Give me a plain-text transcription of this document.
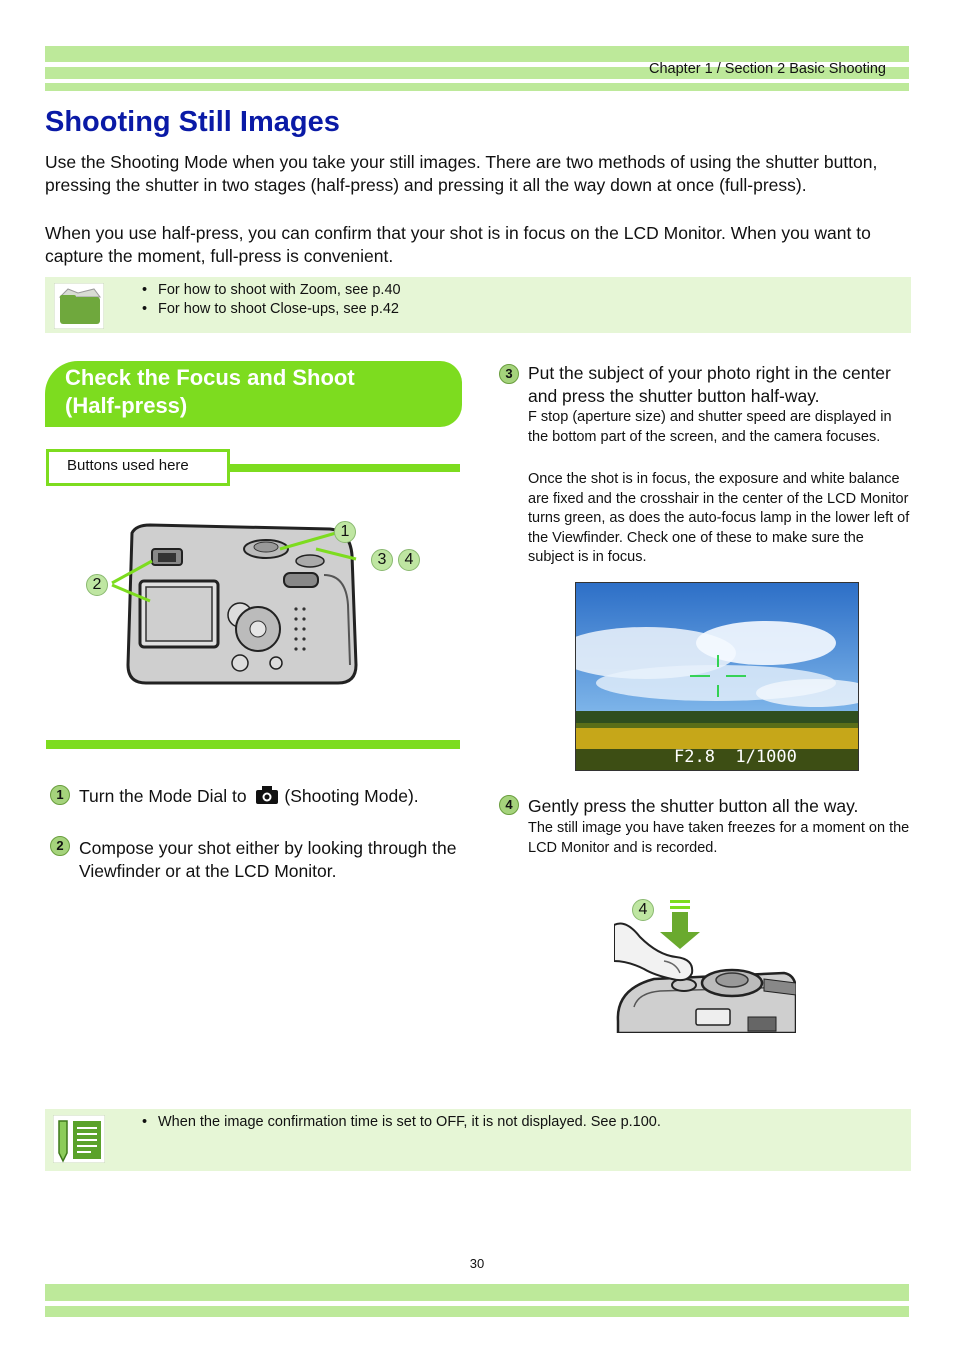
Chapter 1 / Section 2 Basic Shooting
Shooting Still Images

Use the Shooting Mode when you take your still images. There are two methods of using the shutter button, pressing the shutter in two stages (half-press) and pressing it all the way down at once (full-press).

When you use half-press, you can confirm that your shot is in focus on the LCD Monitor. When you want to capture the moment, full-press is convenient.

• For how to shoot with Zoom, see p.40
• For how to shoot Close-ups, see p.42
Check the Focus and Shoot
(Half-press)
Buttons used here
1
2
3	4
1 Turn the Mode Dial to (Shooting Mode).
2 Compose your shot either by looking through the Viewfinder or at the LCD Monitor.
3 Put the subject of your photo right in the center and press the shutter button half-way.
F stop (aperture size) and shutter speed are displayed in the bottom part of the screen, and the camera focuses.
Once the shot is in focus, the exposure and white balance are fixed and the crosshair in the center of the LCD Monitor turns green, as does the auto-focus lamp in the lower left of the Viewfinder. Check one of these to make sure the subject is in focus.
F2.8  1/1000
4 Gently press the shutter button all the way.
The still image you have taken freezes for a moment on the LCD Monitor and is recorded.
4
• When the image confirmation time is set to OFF, it is not displayed. See p.100.
30
